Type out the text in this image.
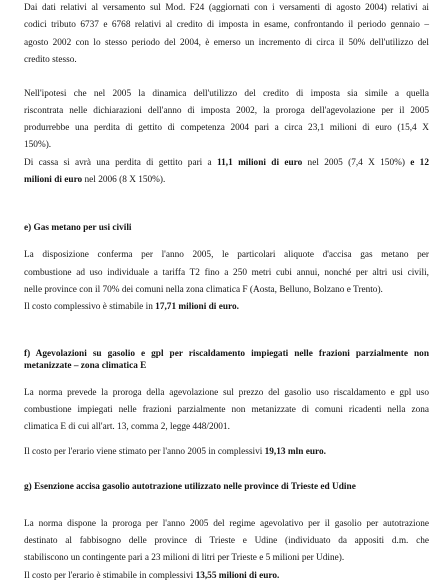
Dai dati relativi al versamento sul Mod. F24 (aggiornati con i versamenti di agosto 2004) relativi ai
codici tributo 6737 e 6768 relativi al credito di imposta in esame, confrontando il periodo gennaio –
agosto 2002 con lo stesso periodo del 2004, è emerso un incremento di circa il 50% dell'utilizzo del
credito stesso.
Nell'ipotesi che nel 2005 la dinamica dell'utilizzo del credito di imposta sia simile a quella
riscontrata nelle dichiarazioni dell'anno di imposta 2002, la proroga dell'agevolazione per il 2005
produrrebbe una perdita di gettito di competenza 2004 pari a circa 23,1 milioni di euro (15,4 X
150%).
Di cassa si avrà una perdita di gettito pari a 11,1 milioni di euro nel 2005 (7,4 X 150%) e 12
milioni di euro nel 2006 (8 X 150%).
e) Gas metano per usi civili
La disposizione conferma per l'anno 2005, le particolari aliquote d'accisa gas metano per
combustione ad uso individuale a tariffa T2 fino a 250 metri cubi annui, nonché per altri usi civili,
nelle province con il 70% dei comuni nella zona climatica F (Aosta, Belluno, Bolzano e Trento).
Il costo complessivo è stimabile in 17,71 milioni di euro.
f) Agevolazioni su gasolio e gpl per riscaldamento impiegati nelle frazioni parzialmente non
metanizzate – zona climatica E
La norma prevede la proroga della agevolazione sul prezzo del gasolio uso riscaldamento e gpl uso
combustione impiegati nelle frazioni parzialmente non metanizzate di comuni ricadenti nella zona
climatica E di cui all'art. 13, comma 2, legge 448/2001.
Il costo per l'erario viene stimato per l'anno 2005 in complessivi 19,13 mln euro.
g) Esenzione accisa gasolio autotrazione utilizzato nelle province di Trieste ed Udine
La norma dispone la proroga per l'anno 2005 del regime agevolativo per il gasolio per autotrazione
destinato al fabbisogno delle province di Trieste e Udine (individuato da appositi d.m. che
stabiliscono un contingente pari a 23 milioni di litri per Trieste e 5 milioni per Udine).
Il costo per l'erario è stimabile in complessivi 13,55 milioni di euro.
